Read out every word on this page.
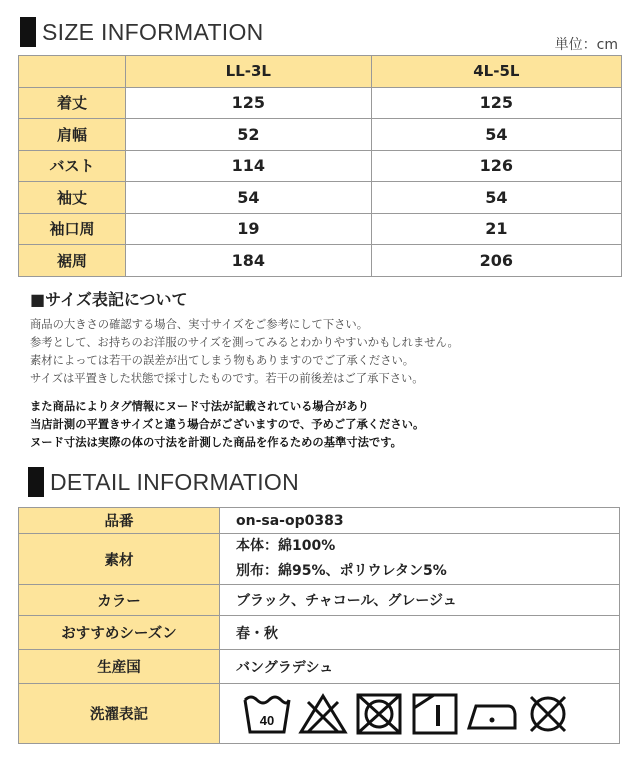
SIZE INFORMATION
単位：cm
	LL-3L	4L-5L
着丈	125	125
肩幅	52	54
バスト	114	126
袖丈	54	54
袖口周	19	21
裾周	184	206
■サイズ表記について
商品の大きさの確認する場合、実寸サイズをご参考にして下さい。
参考として、お持ちのお洋服のサイズを測ってみるとわかりやすいかもしれません。
素材によっては若干の誤差が出てしまう物もありますのでご了承ください。
サイズは平置きした状態で採寸したものです。若干の前後差はご了承下さい。
また商品によりタグ情報にヌード寸法が記載されている場合があり
当店計測の平置きサイズと違う場合がございますので、予めご了承ください。
ヌード寸法は実際の体の寸法を計測した商品を作るための基準寸法です。
DETAIL INFORMATION
品番	on-sa-op0383
素材	本体：綿100%
別布：綿95%、ポリウレタン5%

カラー	ブラック、チャコール、グレージュ
おすすめシーズン	春・秋
生産国	バングラデシュ
洗濯表記	40
